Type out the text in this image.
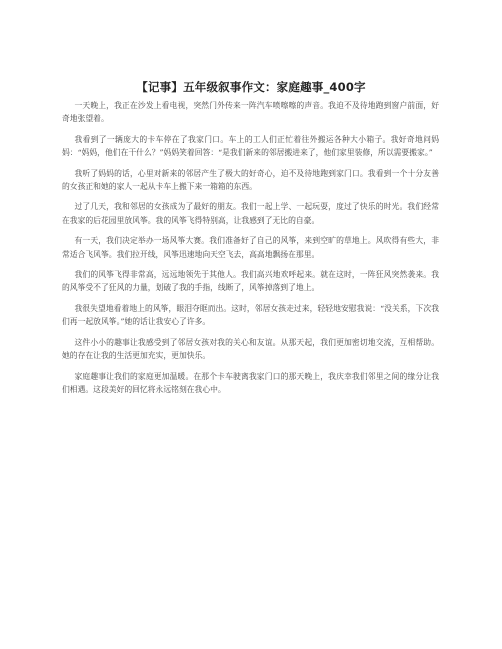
【记事】五年级叙事作文：家庭趣事_400字

一天晚上，我正在沙发上看电视，突然门外传来一阵汽车喷嚓嚓的声音。我迫不及待地跑到窗户前面，好奇地张望着。

我看到了一辆庞大的卡车停在了我家门口。车上的工人们正忙着往外搬运各种大小箱子。我好奇地问妈妈：“妈妈，他们在干什么？”妈妈笑着回答：“是我们新来的邻居搬进来了，他们家里装修，所以需要搬家。”

我听了妈妈的话，心里对新来的邻居产生了极大的好奇心，迫不及待地跑到家门口。我看到一个十分友善的女孩正和她的家人一起从卡车上搬下来一箱箱的东西。

过了几天，我和邻居的女孩成为了最好的朋友。我们一起上学、一起玩耍，度过了快乐的时光。我们经常在我家的后花园里放风筝。我的风筝飞得特别高，让我感到了无比的自豪。

有一天，我们决定举办一场风筝大赛。我们准备好了自己的风筝，来到空旷的草地上。风吹得有些大，非常适合飞风筝。我们拉开线，风筝迅速地向天空飞去，高高地飘扬在那里。

我们的风筝飞得非常高，远远地领先于其他人。我们高兴地欢呼起来。就在这时，一阵狂风突然袭来。我的风筝受不了狂风的力量，划破了我的手指，线断了，风筝掉落到了地上。

我很失望地看着地上的风筝，眼泪夺眶而出。这时，邻居女孩走过来，轻轻地安慰我说：“没关系，下次我们再一起放风筝。”她的话让我安心了许多。

这件小小的趣事让我感受到了邻居女孩对我的关心和友谊。从那天起，我们更加密切地交流，互相帮助。她的存在让我的生活更加充实，更加快乐。

家庭趣事让我们的家庭更加温暖。在那个卡车驶离我家门口的那天晚上，我庆幸我们邻里之间的缘分让我们相遇。这段美好的回忆将永远铭刻在我心中。
